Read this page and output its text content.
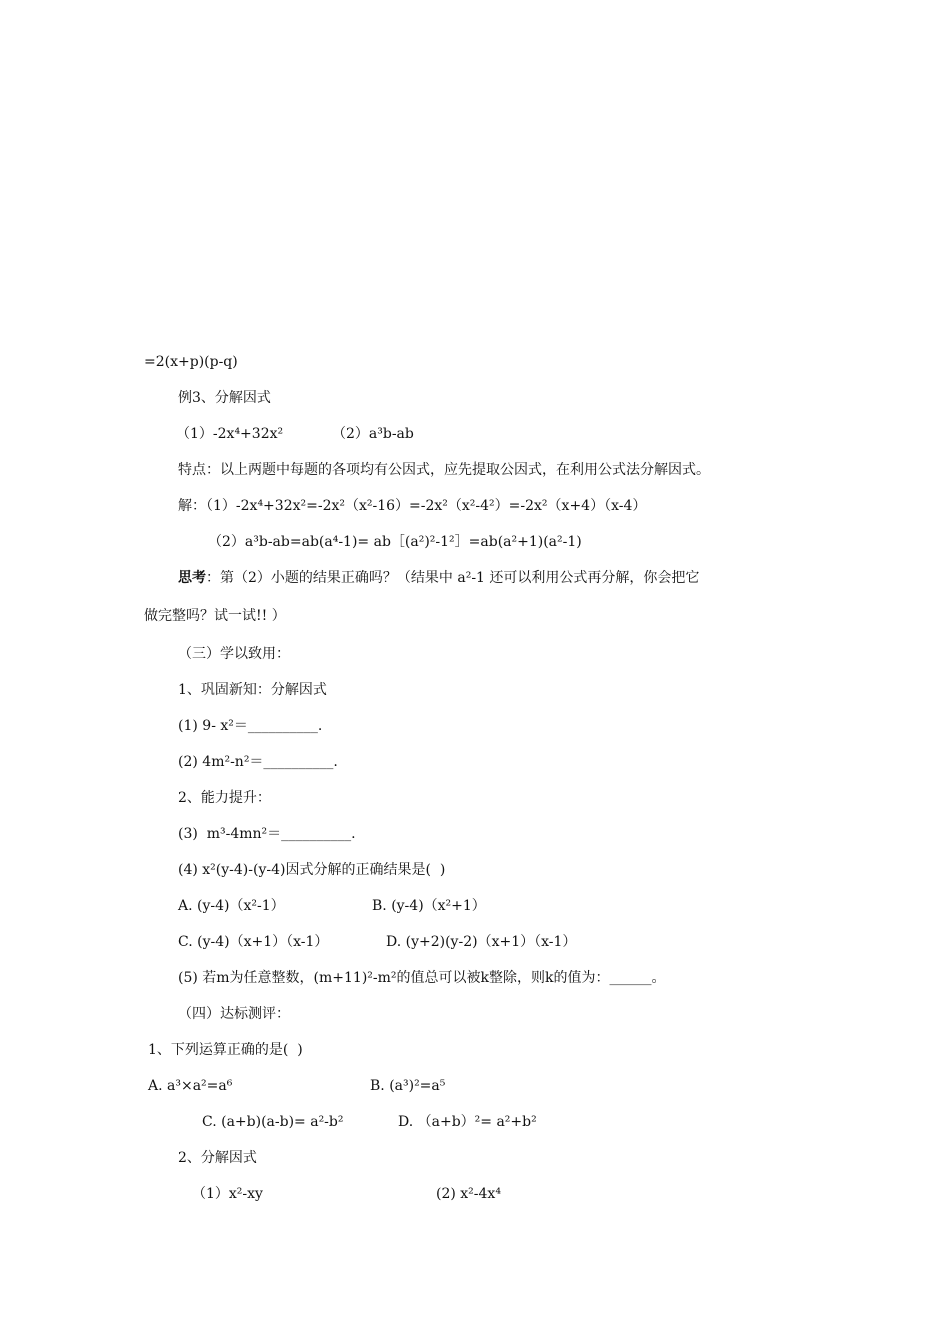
=2(x+p)(p-q)
例3、分解因式
（1）-2x⁴+32x²	（2）a³b-ab
特点：以上两题中每题的各项均有公因式，应先提取公因式，在利用公式法分解因式。
解：（1）-2x⁴+32x²=-2x²（x²-16）=-2x²（x²-4²）=-2x²（x+4）（x-4）
（2）a³b-ab=ab(a⁴-1)= ab［(a²)²-1²］=ab(a²+1)(a²-1)
思考：第（2）小题的结果正确吗？（结果中 a²-1 还可以利用公式再分解，你会把它
做完整吗？试一试!! ）
（三）学以致用：
1、巩固新知：分解因式
(1) 9- x²＝__________.
(2) 4m²-n²＝__________.
2、能力提升：
(3)  m³-4mn²＝__________.
(4) x²(y-4)-(y-4)因式分解的正确结果是(  )
A. (y-4)（x²-1）	B. (y-4)（x²+1）
C. (y-4)（x+1）（x-1）	D. (y+2)(y-2)（x+1）（x-1）
(5) 若m为任意整数，(m+11)²-m²的值总可以被k整除，则k的值为：______。
（四）达标测评：
1、下列运算正确的是(  )
A. a³×a²=a⁶	B. (a³)²=a⁵
C. (a+b)(a-b)= a²-b²	D. （a+b）²= a²+b²
2、分解因式
（1）x²-xy	(2) x²-4x⁴
